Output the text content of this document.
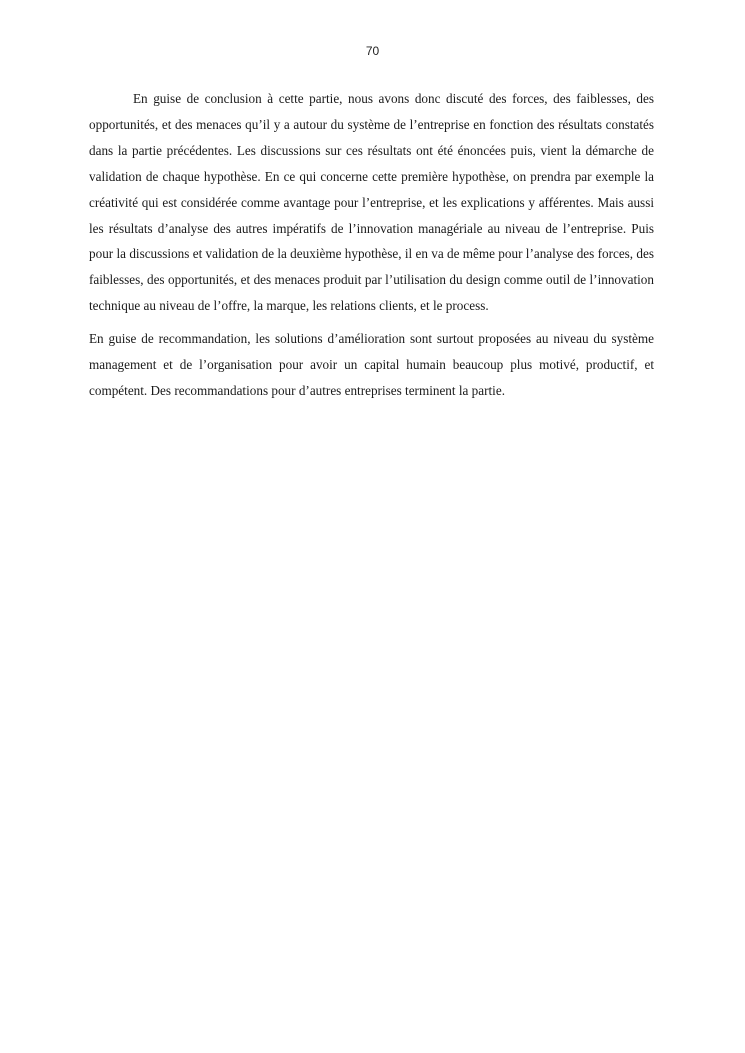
70

En guise de conclusion à cette partie, nous avons donc discuté des forces, des faiblesses, des opportunités, et des menaces qu’il y a autour du système de l’entreprise en fonction des résultats constatés dans la partie précédentes. Les discussions sur ces résultats ont été énoncées puis, vient la démarche de validation de chaque hypothèse. En ce qui concerne cette première hypothèse, on prendra par exemple la créativité qui est considérée comme avantage pour l’entreprise, et les explications y afférentes. Mais aussi les résultats d’analyse des autres impératifs de l’innovation managériale au niveau de l’entreprise. Puis pour la discussions et validation de la deuxième hypothèse, il en va de même pour l’analyse des forces, des faiblesses, des opportunités, et des menaces produit par l’utilisation du design comme outil de l’innovation technique au niveau de l’offre, la marque, les relations clients, et le process.

En guise de recommandation, les solutions d’amélioration sont surtout proposées au niveau du système management et de l’organisation pour avoir un capital humain beaucoup plus motivé, productif, et compétent. Des recommandations pour d’autres entreprises terminent la partie.
